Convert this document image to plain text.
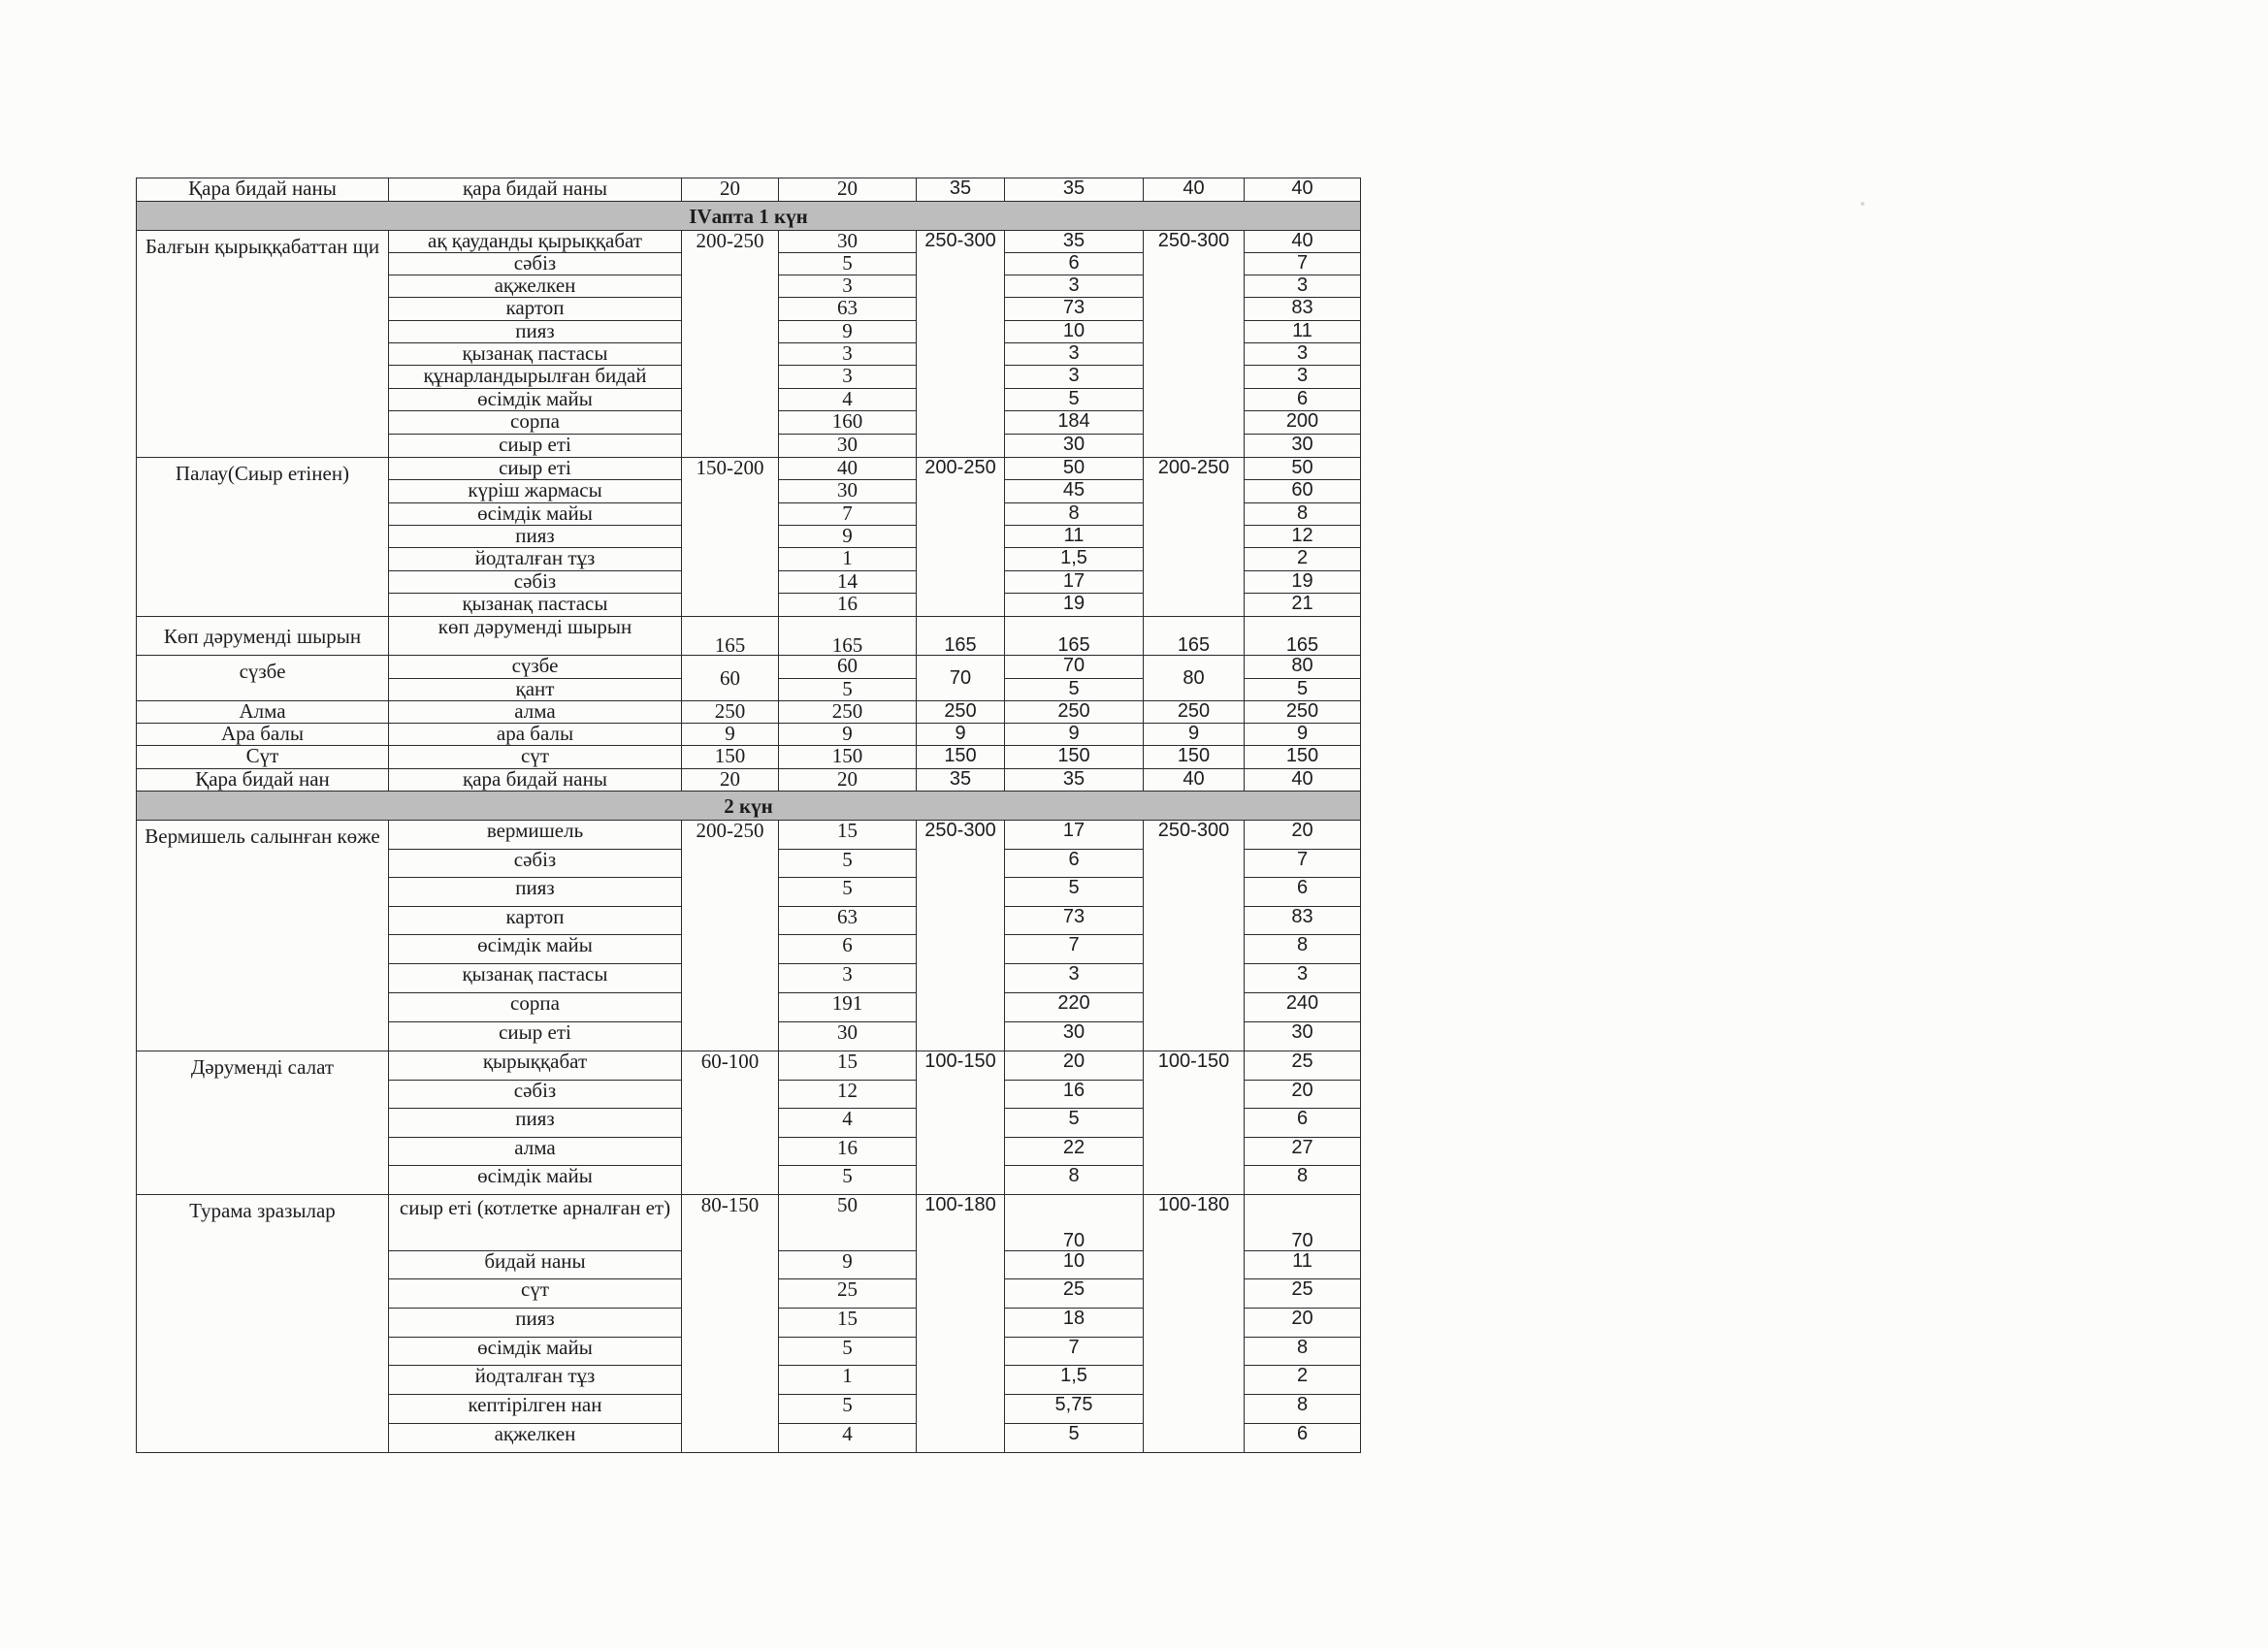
Қара бидай наны	қара бидай наны	20	20	35	35	40	40
IVапта 1 күн							
Балғын қырыққабаттан щи	ақ қауданды қырыққабат	200-250	30	250-300	35	250-300	40
	сәбіз		5		6		7
	ақжелкен		3		3		3
	картоп		63		73		83
	пияз		9		10		11
	қызанақ пастасы		3		3		3
	құнарландырылған бидай		3		3		3
	өсімдік майы		4		5		6
	сорпа		160		184		200
	сиыр еті		30		30		30
Палау(Сиыр етінен)	сиыр еті	150-200	40	200-250	50	200-250	50
	күріш жармасы		30		45		60
	өсімдік майы		7		8		8
	пияз		9		11		12
	йодталған тұз		1		1,5		2
	сәбіз		14		17		19
	қызанақ пастасы		16		19		21
Көп дәруменді шырын	көп дәруменді шырын	165	165	165	165	165	165
сүзбе	сүзбе	60	60	70	70	80	80
	қант		5		5		5
Алма	алма	250	250	250	250	250	250
Ара балы	ара балы	9	9	9	9	9	9
Сүт	сүт	150	150	150	150	150	150
Қара бидай нан	қара бидай наны	20	20	35	35	40	40
2 күн							
Вермишель салынған көже	вермишель	200-250	15	250-300	17	250-300	20
	сәбіз		5		6		7
	пияз		5		5		6
	картоп		63		73		83
	өсімдік майы		6		7		8
	қызанақ пастасы		3		3		3
	сорпа		191		220		240
	сиыр еті		30		30		30
Дәруменді салат	қырыққабат	60-100	15	100-150	20	100-150	25
	сәбіз		12		16		20
	пияз		4		5		6
	алма		16		22		27
	өсімдік майы		5		8		8
Турама зразылар	сиыр еті (котлетке арналған ет)	80-150	50	100-180	70	100-180	70
	бидай наны		9		10		11
	сүт		25		25		25
	пияз		15		18		20
	өсімдік майы		5		7		8
	йодталған тұз		1		1,5		2
	кептірілген нан		5		5,75		8
	ақжелкен		4		5		6
